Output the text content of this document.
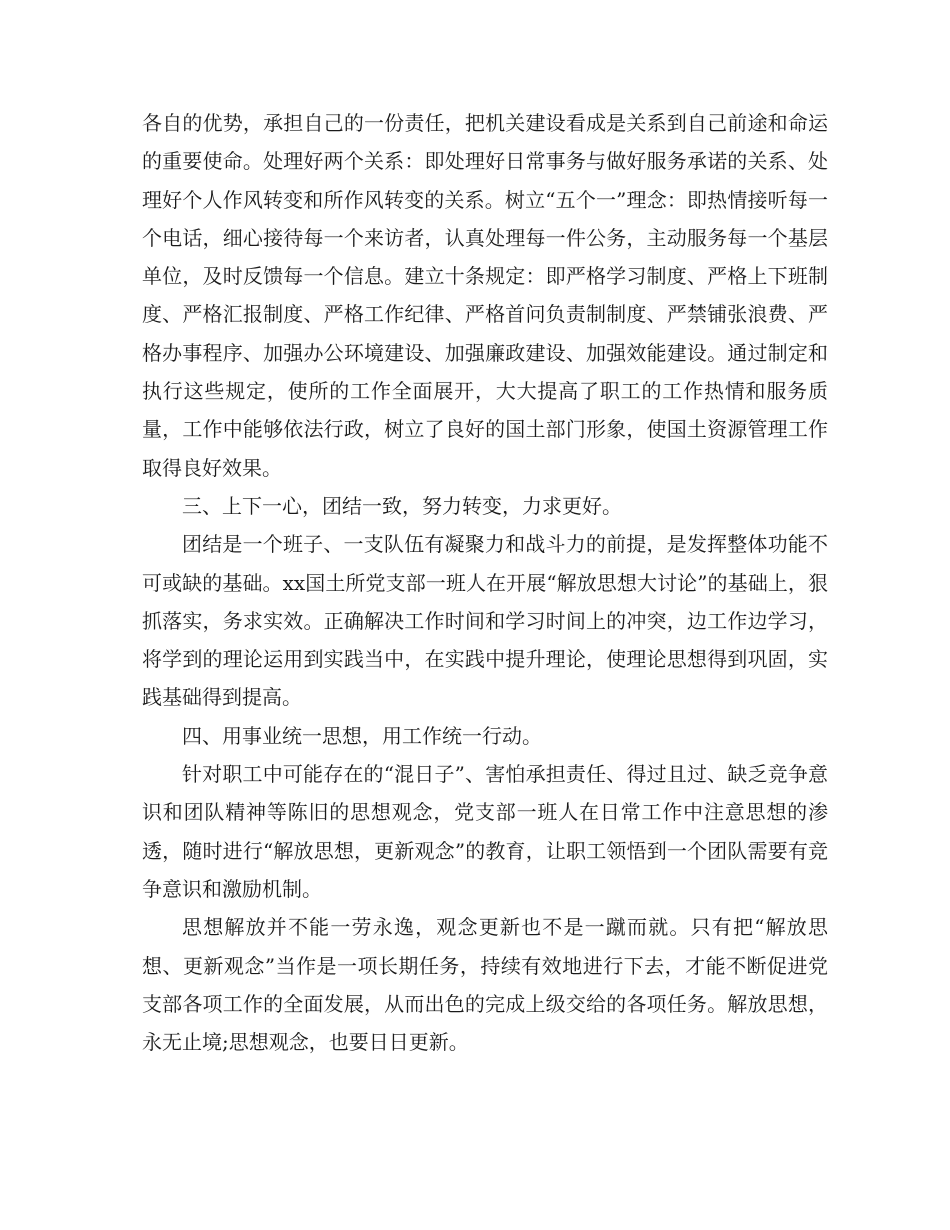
各自的优势，承担自己的一份责任，把机关建设看成是关系到自己前途和命运的重要使命。处理好两个关系：即处理好日常事务与做好服务承诺的关系、处理好个人作风转变和所作风转变的关系。树立“五个一”理念：即热情接听每一个电话，细心接待每一个来访者，认真处理每一件公务，主动服务每一个基层单位，及时反馈每一个信息。建立十条规定：即严格学习制度、严格上下班制度、严格汇报制度、严格工作纪律、严格首问负责制制度、严禁铺张浪费、严格办事程序、加强办公环境建设、加强廉政建设、加强效能建设。通过制定和执行这些规定，使所的工作全面展开，大大提高了职工的工作热情和服务质量，工作中能够依法行政，树立了良好的国土部门形象，使国土资源管理工作取得良好效果。

三、上下一心，团结一致，努力转变，力求更好。

团结是一个班子、一支队伍有凝聚力和战斗力的前提，是发挥整体功能不可或缺的基础。xx国土所党支部一班人在开展“解放思想大讨论”的基础上，狠抓落实，务求实效。正确解决工作时间和学习时间上的冲突，边工作边学习，将学到的理论运用到实践当中，在实践中提升理论，使理论思想得到巩固，实践基础得到提高。

四、用事业统一思想，用工作统一行动。

针对职工中可能存在的“混日子”、害怕承担责任、得过且过、缺乏竞争意识和团队精神等陈旧的思想观念，党支部一班人在日常工作中注意思想的渗透，随时进行“解放思想，更新观念”的教育，让职工领悟到一个团队需要有竞争意识和激励机制。

思想解放并不能一劳永逸，观念更新也不是一蹴而就。只有把“解放思想、更新观念”当作是一项长期任务，持续有效地进行下去，才能不断促进党支部各项工作的全面发展，从而出色的完成上级交给的各项任务。解放思想，永无止境;思想观念，也要日日更新。
